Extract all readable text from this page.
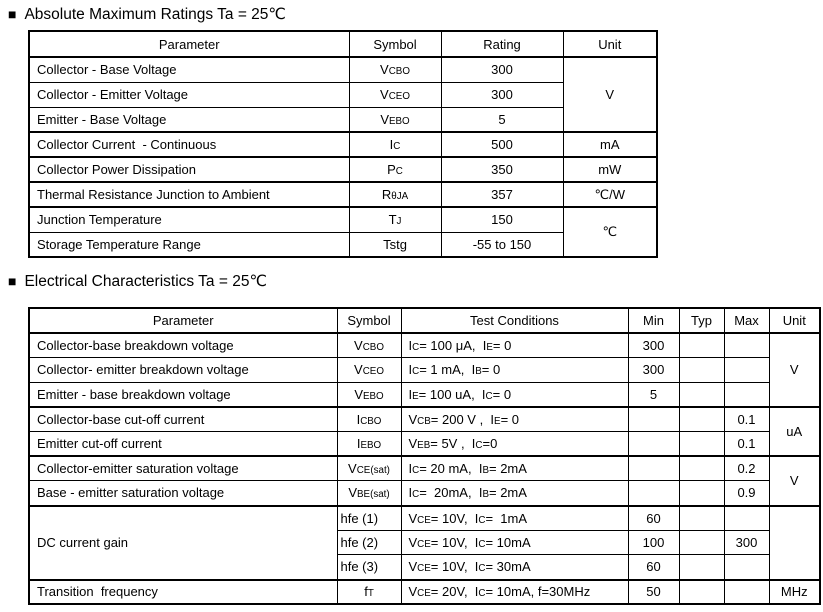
■ Absolute Maximum Ratings Ta = 25℃
Parameter	Symbol	Rating	Unit
Collector - Base Voltage	VCBO	300	V
Collector - Emitter Voltage	VCEO	300	
Emitter - Base Voltage	VEBO	5	
Collector Current  - Continuous	IC	500	mA
Collector Power Dissipation	PC	350	mW
Thermal Resistance Junction to Ambient	RθJA	357	℃/W
Junction Temperature	TJ	150	℃
Storage Temperature Range	Tstg	-55 to 150	
■ Electrical Characteristics Ta = 25℃
Parameter	Symbol	Test Conditions	Min	Typ	Max	Unit
Collector-base breakdown voltage	VCBO	IC= 100 μA,  IE= 0	300			V
Collector- emitter breakdown voltage	VCEO	IC= 1 mA,  IB= 0	300			
Emitter - base breakdown voltage	VEBO	IE= 100 uA,  IC= 0	5			
Collector-base cut-off current	ICBO	VCB= 200 V ,  IE= 0			0.1	uA
Emitter cut-off current	IEBO	VEB= 5V ,  IC=0			0.1	
Collector-emitter saturation voltage	VCE(sat)	IC= 20 mA,  IB= 2mA			0.2	V
Base - emitter saturation voltage	VBE(sat)	IC=  20mA,  IB= 2mA			0.9	
DC current gain	hfe (1)	VCE= 10V,  IC=  1mA	60			
	hfe (2)	VCE= 10V,  IC= 10mA	100		300	
	hfe (3)	VCE= 10V,  IC= 30mA	60			
Transition  frequency	fT	VCE= 20V,  IC= 10mA, f=30MHz	50			MHz
